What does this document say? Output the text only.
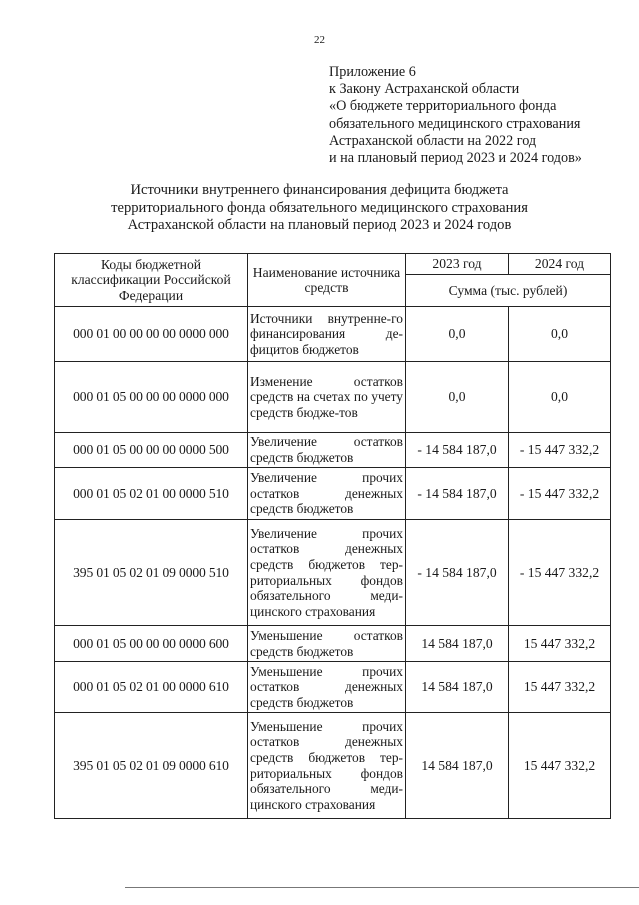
22
Приложение 6
к Закону Астраханской области
«О бюджете территориального фонда
обязательного медицинского страхования
Астраханской области на 2022 год
и на плановый период 2023 и 2024 годов»
Источники внутреннего финансирования дефицита бюджета
территориального фонда обязательного медицинского страхования
Астраханской области на плановый период 2023 и 2024 годов
Коды бюджетной классификации Российской Федерации	Наименование источника средств	2023 год	2024 год
		Сумма (тыс. рублей)	
000 01 00 00 00 00 0000 000	Источники внутренне-го финансирования де-фицитов бюджетов	0,0	0,0
000 01 05 00 00 00 0000 000	Изменение остатков средств на счетах по учету средств бюдже-тов	0,0	0,0
000 01 05 00 00 00 0000 500	Увеличение остатков средств бюджетов	- 14 584 187,0	- 15 447 332,2
000 01 05 02 01 00 0000 510	Увеличение прочих остатков денежных средств бюджетов	- 14 584 187,0	- 15 447 332,2
395 01 05 02 01 09 0000 510	Увеличение прочих остатков денежных средств бюджетов тер-риториальных фондов обязательного меди-цинского страхования	- 14 584 187,0	- 15 447 332,2
000 01 05 00 00 00 0000 600	Уменьшение остатков средств бюджетов	14 584 187,0	15 447 332,2
000 01 05 02 01 00 0000 610	Уменьшение прочих остатков денежных средств бюджетов	14 584 187,0	15 447 332,2
395 01 05 02 01 09 0000 610	Уменьшение прочих остатков денежных средств бюджетов тер-риториальных фондов обязательного меди-цинского страхования	14 584 187,0	15 447 332,2
